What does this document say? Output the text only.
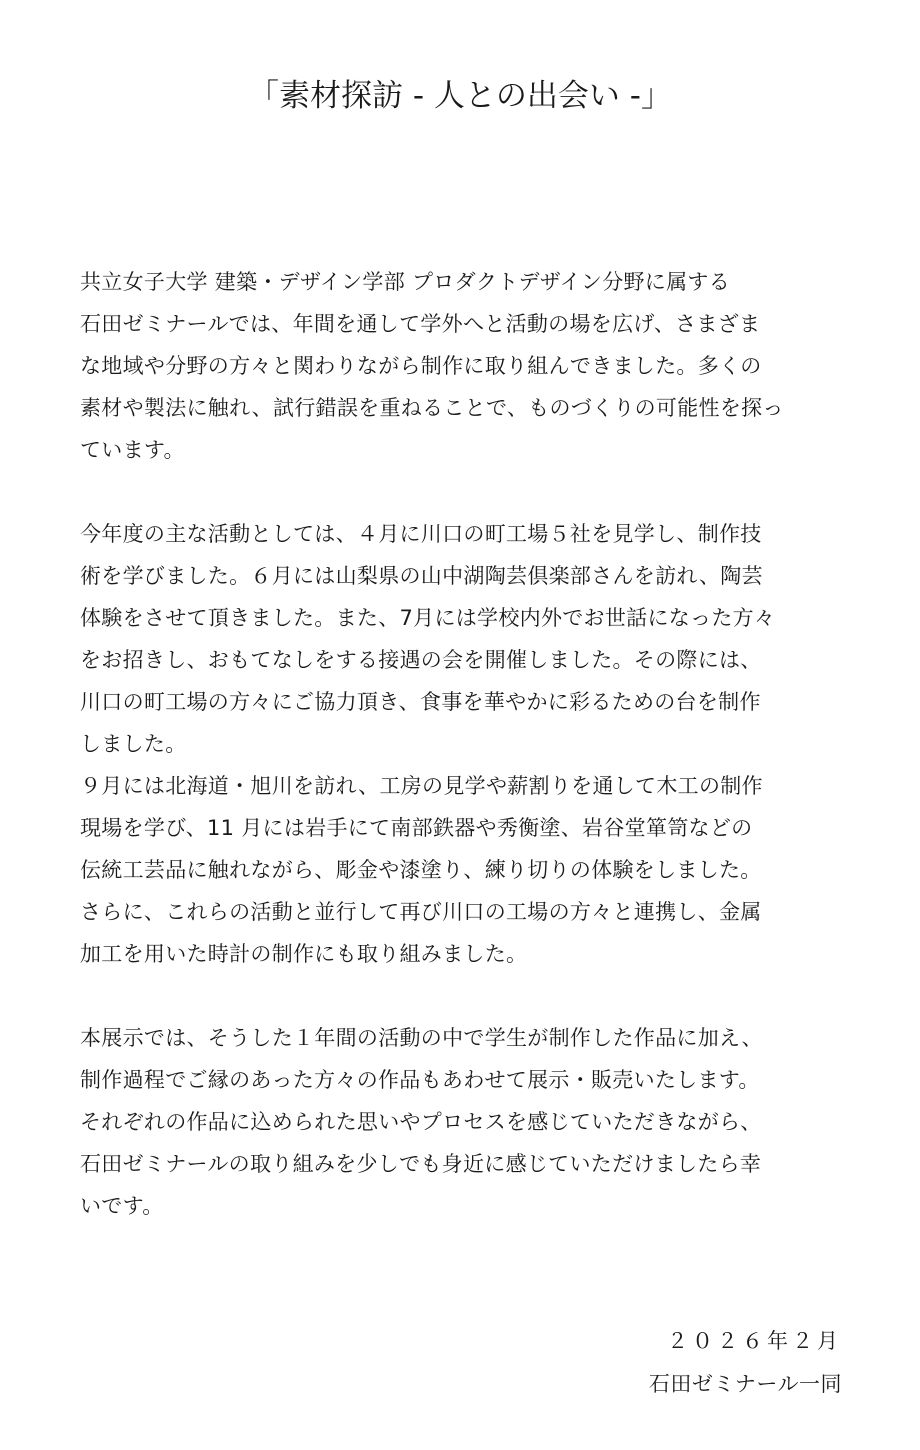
「素材探訪 - 人との出会い -」
共立女子大学 建築・デザイン学部 プロダクトデザイン分野に属する
石田ゼミナールでは、年間を通して学外へと活動の場を広げ、さまざま
な地域や分野の方々と関わりながら制作に取り組んできました。多くの
素材や製法に触れ、試行錯誤を重ねることで、ものづくりの可能性を探っ
ています。
今年度の主な活動としては、４月に川口の町工場５社を見学し、制作技
術を学びました。６月には山梨県の山中湖陶芸倶楽部さんを訪れ、陶芸
体験をさせて頂きました。また、7月には学校内外でお世話になった方々
をお招きし、おもてなしをする接遇の会を開催しました。その際には、
川口の町工場の方々にご協力頂き、食事を華やかに彩るための台を制作
しました。
９月には北海道・旭川を訪れ、工房の見学や薪割りを通して木工の制作
現場を学び、11 月には岩手にて南部鉄器や秀衡塗、岩谷堂箪笥などの
伝統工芸品に触れながら、彫金や漆塗り、練り切りの体験をしました。
さらに、これらの活動と並行して再び川口の工場の方々と連携し、金属
加工を用いた時計の制作にも取り組みました。
本展示では、そうした１年間の活動の中で学生が制作した作品に加え、
制作過程でご縁のあった方々の作品もあわせて展示・販売いたします。
それぞれの作品に込められた思いやプロセスを感じていただきながら、
石田ゼミナールの取り組みを少しでも身近に感じていただけましたら幸
いです。

２０２６年２月

石田ゼミナール一同
